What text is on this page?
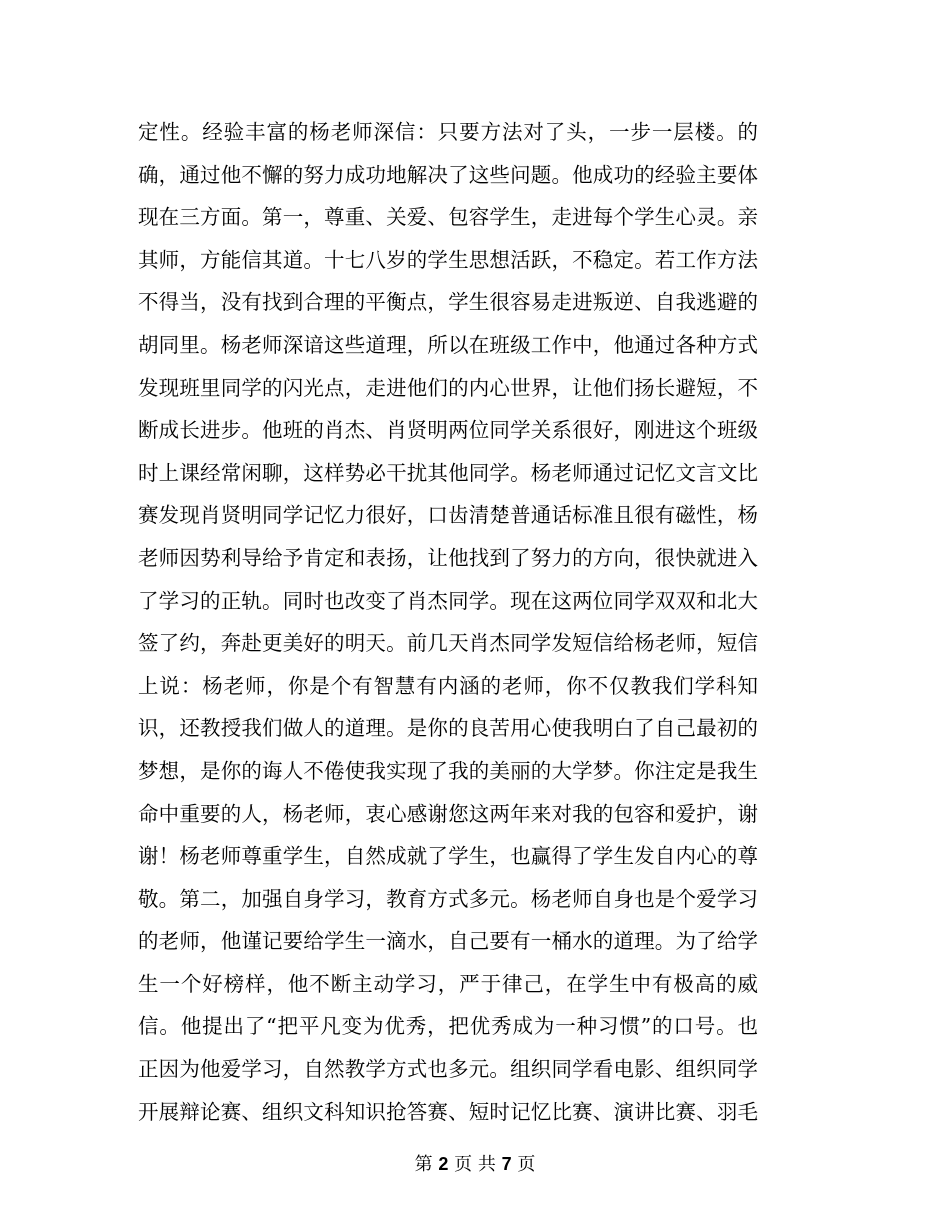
定性。经验丰富的杨老师深信：只要方法对了头，一步一层楼。的
确，通过他不懈的努力成功地解决了这些问题。他成功的经验主要体
现在三方面。第一，尊重、关爱、包容学生，走进每个学生心灵。亲
其师，方能信其道。十七八岁的学生思想活跃，不稳定。若工作方法
不得当，没有找到合理的平衡点，学生很容易走进叛逆、自我逃避的
胡同里。杨老师深谙这些道理，所以在班级工作中，他通过各种方式
发现班里同学的闪光点，走进他们的内心世界，让他们扬长避短，不
断成长进步。他班的肖杰、肖贤明两位同学关系很好，刚进这个班级
时上课经常闲聊，这样势必干扰其他同学。杨老师通过记忆文言文比
赛发现肖贤明同学记忆力很好，口齿清楚普通话标准且很有磁性，杨
老师因势利导给予肯定和表扬，让他找到了努力的方向，很快就进入
了学习的正轨。同时也改变了肖杰同学。现在这两位同学双双和北大
签了约，奔赴更美好的明天。前几天肖杰同学发短信给杨老师，短信
上说：杨老师，你是个有智慧有内涵的老师，你不仅教我们学科知
识，还教授我们做人的道理。是你的良苦用心使我明白了自己最初的
梦想，是你的诲人不倦使我实现了我的美丽的大学梦。你注定是我生
命中重要的人，杨老师，衷心感谢您这两年来对我的包容和爱护，谢
谢！杨老师尊重学生，自然成就了学生，也赢得了学生发自内心的尊
敬。第二，加强自身学习，教育方式多元。杨老师自身也是个爱学习
的老师，他谨记要给学生一滴水，自己要有一桶水的道理。为了给学
生一个好榜样，他不断主动学习，严于律己，在学生中有极高的威
信。他提出了“把平凡变为优秀，把优秀成为一种习惯”的口号。也
正因为他爱学习，自然教学方式也多元。组织同学看电影、组织同学
开展辩论赛、组织文科知识抢答赛、短时记忆比赛、演讲比赛、羽毛
第 2 页 共 7 页
